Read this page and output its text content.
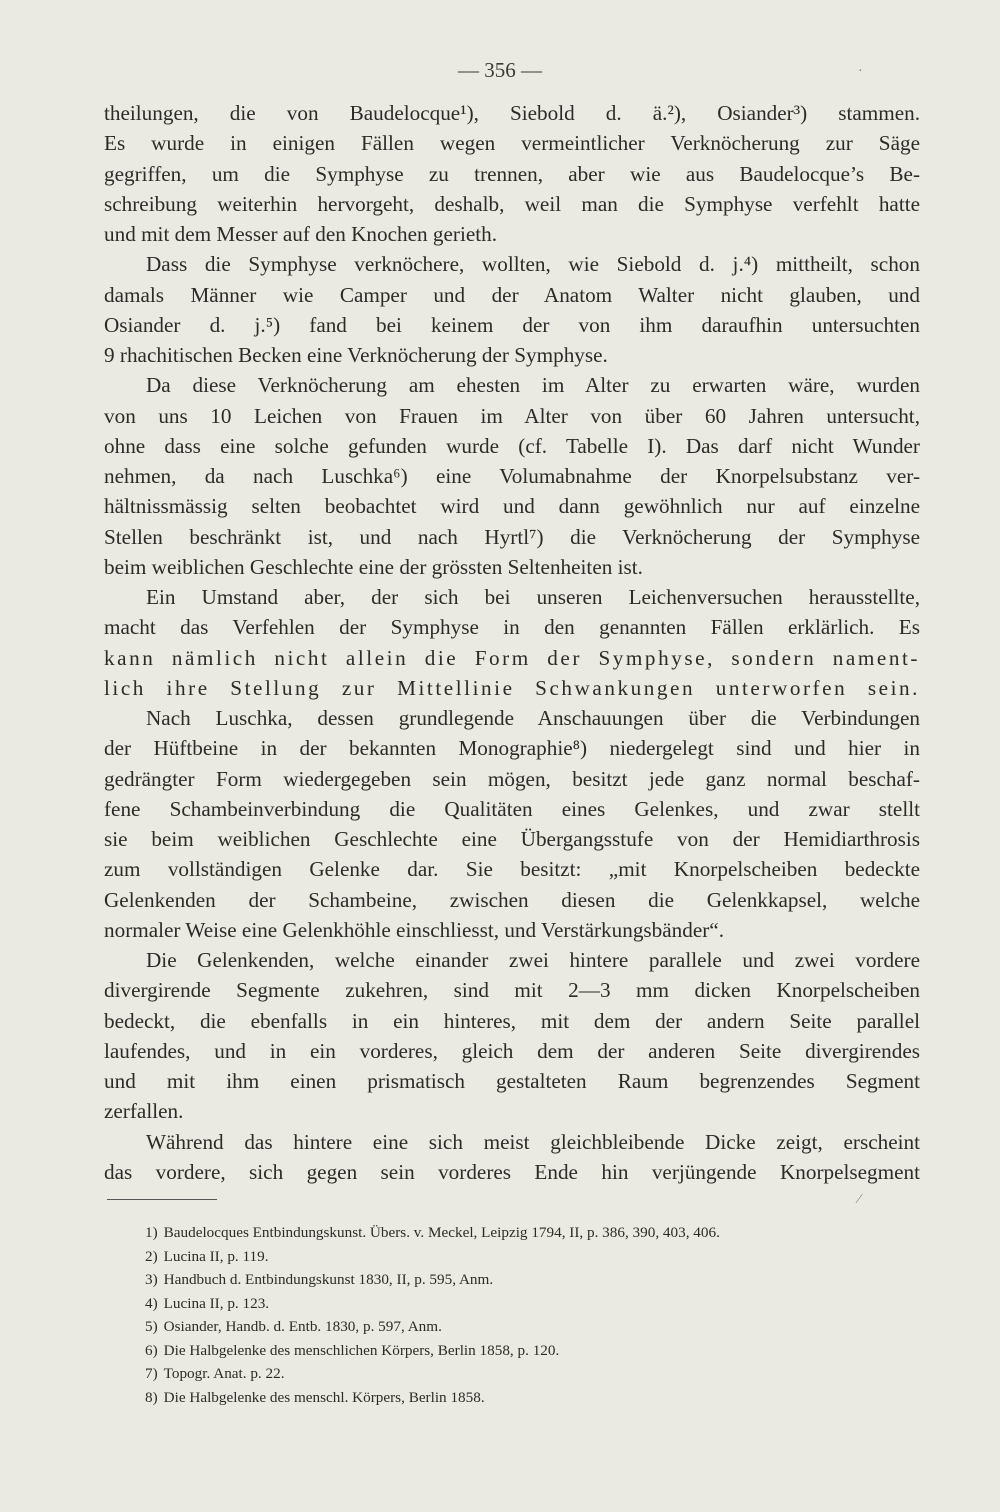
— 356 —
theilungen, die von Baudelocque¹), Siebold d. ä.²), Osiander³) stammen.
Es wurde in einigen Fällen wegen vermeintlicher Verknöcherung zur Säge
gegriffen, um die Symphyse zu trennen, aber wie aus Baudelocque’s Be-
schreibung weiterhin hervorgeht, deshalb, weil man die Symphyse verfehlt hatte
und mit dem Messer auf den Knochen gerieth.
Dass die Symphyse verknöchere, wollten, wie Siebold d. j.⁴) mittheilt, schon
damals Männer wie Camper und der Anatom Walter nicht glauben, und
Osiander d. j.⁵) fand bei keinem der von ihm daraufhin untersuchten
9 rhachitischen Becken eine Verknöcherung der Symphyse.
Da diese Verknöcherung am ehesten im Alter zu erwarten wäre, wurden
von uns 10 Leichen von Frauen im Alter von über 60 Jahren untersucht,
ohne dass eine solche gefunden wurde (cf. Tabelle I). Das darf nicht Wunder
nehmen, da nach Luschka⁶) eine Volumabnahme der Knorpelsubstanz ver-
hältnissmässig selten beobachtet wird und dann gewöhnlich nur auf einzelne
Stellen beschränkt ist, und nach Hyrtl⁷) die Verknöcherung der Symphyse
beim weiblichen Geschlechte eine der grössten Seltenheiten ist.
Ein Umstand aber, der sich bei unseren Leichenversuchen herausstellte,
macht das Verfehlen der Symphyse in den genannten Fällen erklärlich. Es
kann nämlich nicht allein die Form der Symphyse, sondern nament-
lich ihre Stellung zur Mittellinie Schwankungen unterworfen sein.
Nach Luschka, dessen grundlegende Anschauungen über die Verbindungen
der Hüftbeine in der bekannten Monographie⁸) niedergelegt sind und hier in
gedrängter Form wiedergegeben sein mögen, besitzt jede ganz normal beschaf-
fene Schambeinverbindung die Qualitäten eines Gelenkes, und zwar stellt
sie beim weiblichen Geschlechte eine Übergangsstufe von der Hemidiarthrosis
zum vollständigen Gelenke dar. Sie besitzt: „mit Knorpelscheiben bedeckte
Gelenkenden der Schambeine, zwischen diesen die Gelenkkapsel, welche
normaler Weise eine Gelenkhöhle einschliesst, und Verstärkungsbänder“.
Die Gelenkenden, welche einander zwei hintere parallele und zwei vordere
divergirende Segmente zukehren, sind mit 2—3 mm dicken Knorpelscheiben
bedeckt, die ebenfalls in ein hinteres, mit dem der andern Seite parallel
laufendes, und in ein vorderes, gleich dem der anderen Seite divergirendes
und mit ihm einen prismatisch gestalteten Raum begrenzendes Segment
zerfallen.
Während das hintere eine sich meist gleichbleibende Dicke zeigt, erscheint
das vordere, sich gegen sein vorderes Ende hin verjüngende Knorpelsegment
1) Baudelocques Entbindungskunst. Übers. v. Meckel, Leipzig 1794, II, p. 386, 390, 403, 406.
2) Lucina II, p. 119.
3) Handbuch d. Entbindungskunst 1830, II, p. 595, Anm.
4) Lucina II, p. 123.
5) Osiander, Handb. d. Entb. 1830, p. 597, Anm.
6) Die Halbgelenke des menschlichen Körpers, Berlin 1858, p. 120.
7) Topogr. Anat. p. 22.
8) Die Halbgelenke des menschl. Körpers, Berlin 1858.
·
⁄
